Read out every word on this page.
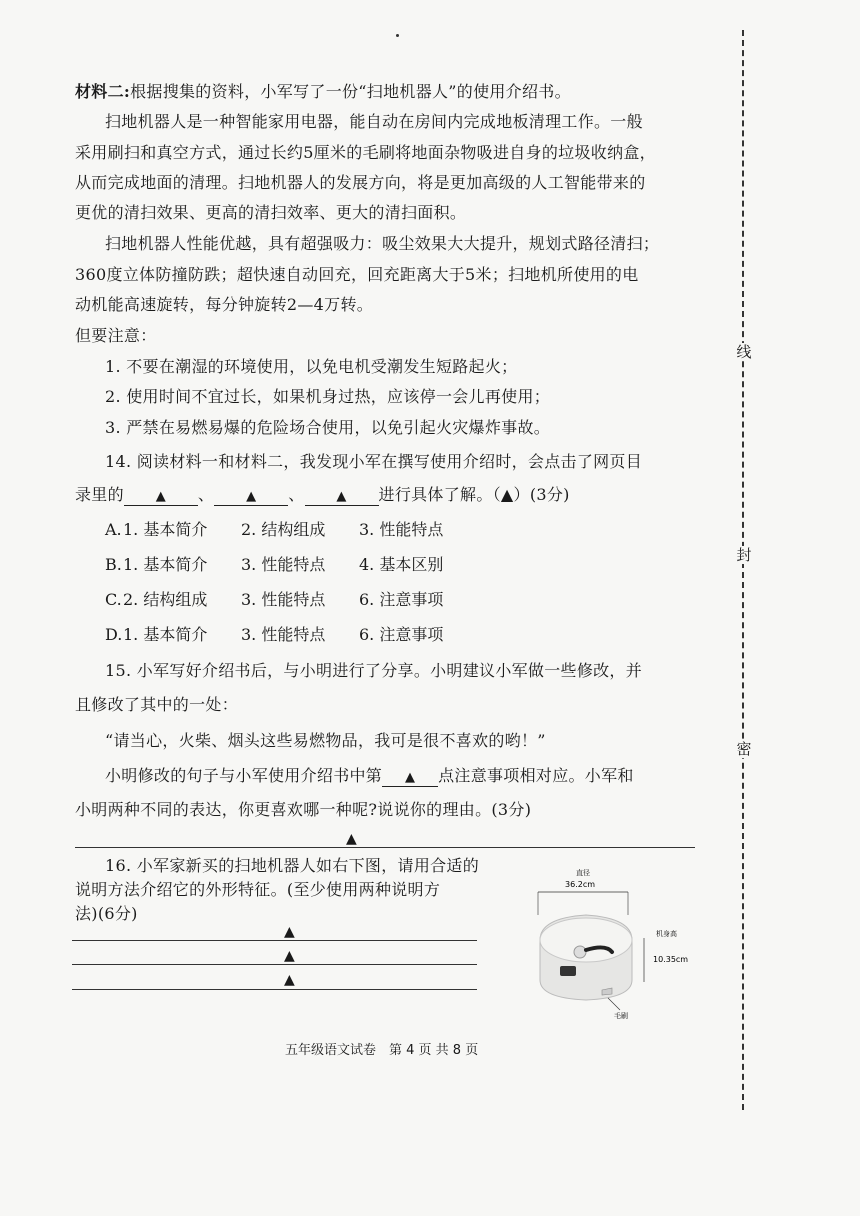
材料二:根据搜集的资料，小军写了一份“扫地机器人”的使用介绍书。
扫地机器人是一种智能家用电器，能自动在房间内完成地板清理工作。一般
采用刷扫和真空方式，通过长约5厘米的毛刷将地面杂物吸进自身的垃圾收纳盒，
从而完成地面的清理。扫地机器人的发展方向，将是更加高级的人工智能带来的
更优的清扫效果、更高的清扫效率、更大的清扫面积。
扫地机器人性能优越，具有超强吸力：吸尘效果大大提升，规划式路径清扫；
360度立体防撞防跌；超快速自动回充，回充距离大于5米；扫地机所使用的电
动机能高速旋转，每分钟旋转2—4万转。
但要注意：
1. 不要在潮湿的环境使用，以免电机受潮发生短路起火；
2. 使用时间不宜过长，如果机身过热，应该停一会儿再使用；
3. 严禁在易燃易爆的危险场合使用，以免引起火灾爆炸事故。
14. 阅读材料一和材料二，我发现小军在撰写使用介绍时，会点击了网页目
录里的 ▲ 、 ▲ 、 ▲ 进行具体了解。（▲）(3分)
A.1. 基本简介 2. 结构组成 3. 性能特点
B.1. 基本简介 3. 性能特点 4. 基本区别
C.2. 结构组成 3. 性能特点 6. 注意事项
D.1. 基本简介 3. 性能特点 6. 注意事项
15. 小军写好介绍书后，与小明进行了分享。小明建议小军做一些修改，并
且修改了其中的一处：
“请当心，火柴、烟头这些易燃物品，我可是很不喜欢的哟！”
小明修改的句子与小军使用介绍书中第 ▲ 点注意事项相对应。小军和
小明两种不同的表达，你更喜欢哪一种呢?说说你的理由。(3分)
▲
16. 小军家新买的扫地机器人如右下图，请用合适的
说明方法介绍它的外形特征。(至少使用两种说明方
法)(6分)
▲
▲
▲
直径
36.2cm
毛刷
机身高
10.35cm
五年级语文试卷　第 4 页 共 8 页
线
封
密
